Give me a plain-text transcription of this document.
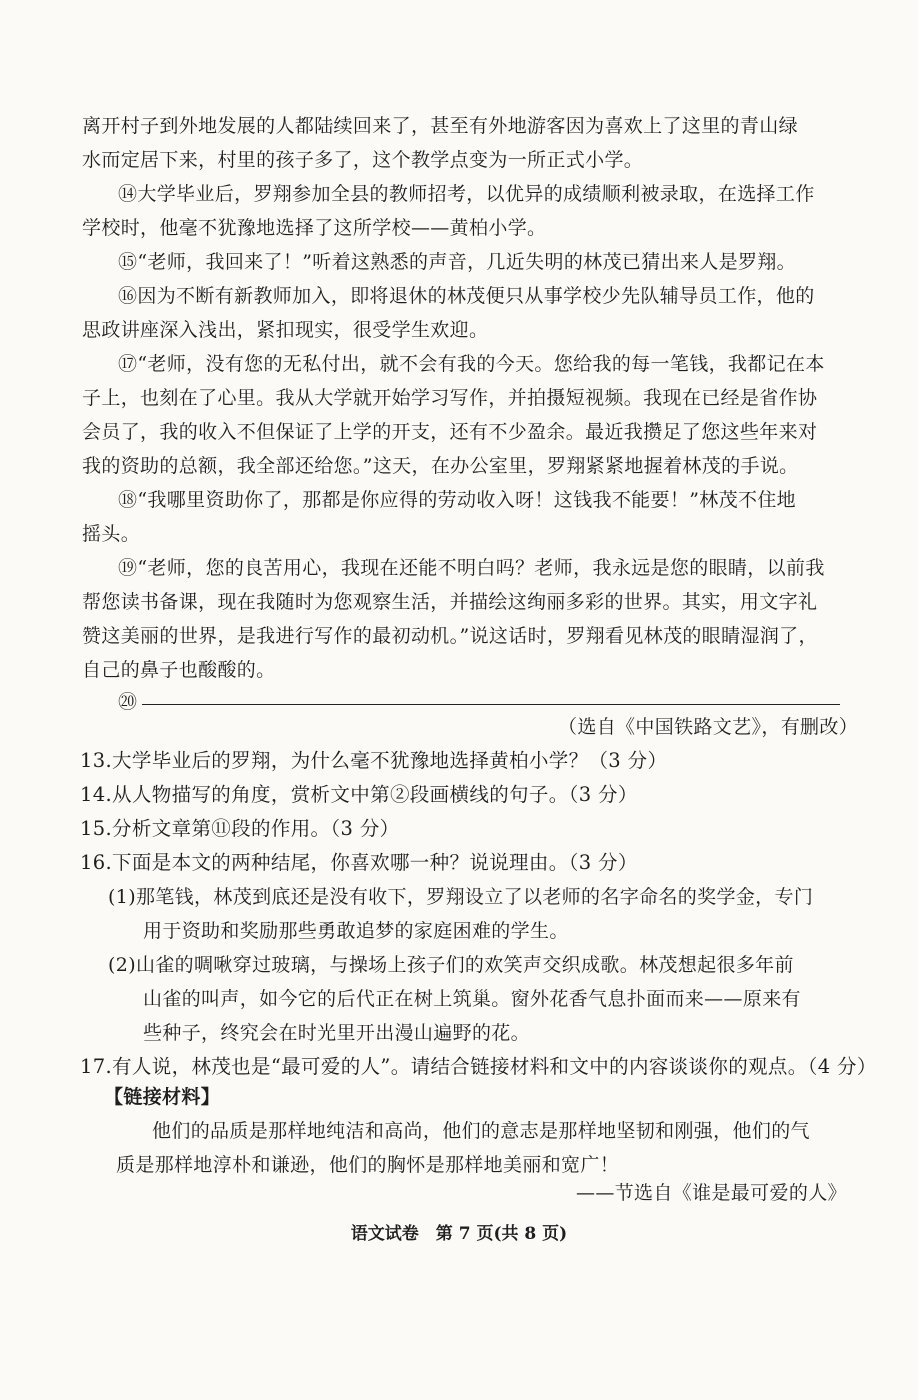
离开村子到外地发展的人都陆续回来了，甚至有外地游客因为喜欢上了这里的青山绿
水而定居下来，村里的孩子多了，这个教学点变为一所正式小学。
⑭大学毕业后，罗翔参加全县的教师招考，以优异的成绩顺利被录取，在选择工作
学校时，他毫不犹豫地选择了这所学校——黄柏小学。
⑮“老师，我回来了！”听着这熟悉的声音，几近失明的林茂已猜出来人是罗翔。
⑯因为不断有新教师加入，即将退休的林茂便只从事学校少先队辅导员工作，他的
思政讲座深入浅出，紧扣现实，很受学生欢迎。
⑰“老师，没有您的无私付出，就不会有我的今天。您给我的每一笔钱，我都记在本
子上，也刻在了心里。我从大学就开始学习写作，并拍摄短视频。我现在已经是省作协
会员了，我的收入不但保证了上学的开支，还有不少盈余。最近我攒足了您这些年来对
我的资助的总额，我全部还给您。”这天，在办公室里，罗翔紧紧地握着林茂的手说。
⑱“我哪里资助你了，那都是你应得的劳动收入呀！这钱我不能要！”林茂不住地
摇头。
⑲“老师，您的良苦用心，我现在还能不明白吗？老师，我永远是您的眼睛，以前我
帮您读书备课，现在我随时为您观察生活，并描绘这绚丽多彩的世界。其实，用文字礼
赞这美丽的世界，是我进行写作的最初动机。”说这话时，罗翔看见林茂的眼睛湿润了，
自己的鼻子也酸酸的。
⑳
（选自《中国铁路文艺》，有删改）
13.大学毕业后的罗翔，为什么毫不犹豫地选择黄柏小学？（3 分）
14.从人物描写的角度，赏析文中第②段画横线的句子。（3 分）
15.分析文章第⑪段的作用。（3 分）
16.下面是本文的两种结尾，你喜欢哪一种？说说理由。（3 分）
(1)那笔钱，林茂到底还是没有收下，罗翔设立了以老师的名字命名的奖学金，专门
用于资助和奖励那些勇敢追梦的家庭困难的学生。
(2)山雀的啁啾穿过玻璃，与操场上孩子们的欢笑声交织成歌。林茂想起很多年前
山雀的叫声，如今它的后代正在树上筑巢。窗外花香气息扑面而来——原来有
些种子，终究会在时光里开出漫山遍野的花。
17.有人说，林茂也是“最可爱的人”。请结合链接材料和文中的内容谈谈你的观点。（4 分）
【链接材料】
他们的品质是那样地纯洁和高尚，他们的意志是那样地坚韧和刚强，他们的气
质是那样地淳朴和谦逊，他们的胸怀是那样地美丽和宽广！
——节选自《谁是最可爱的人》
语文试卷　第 7 页(共 8 页)
